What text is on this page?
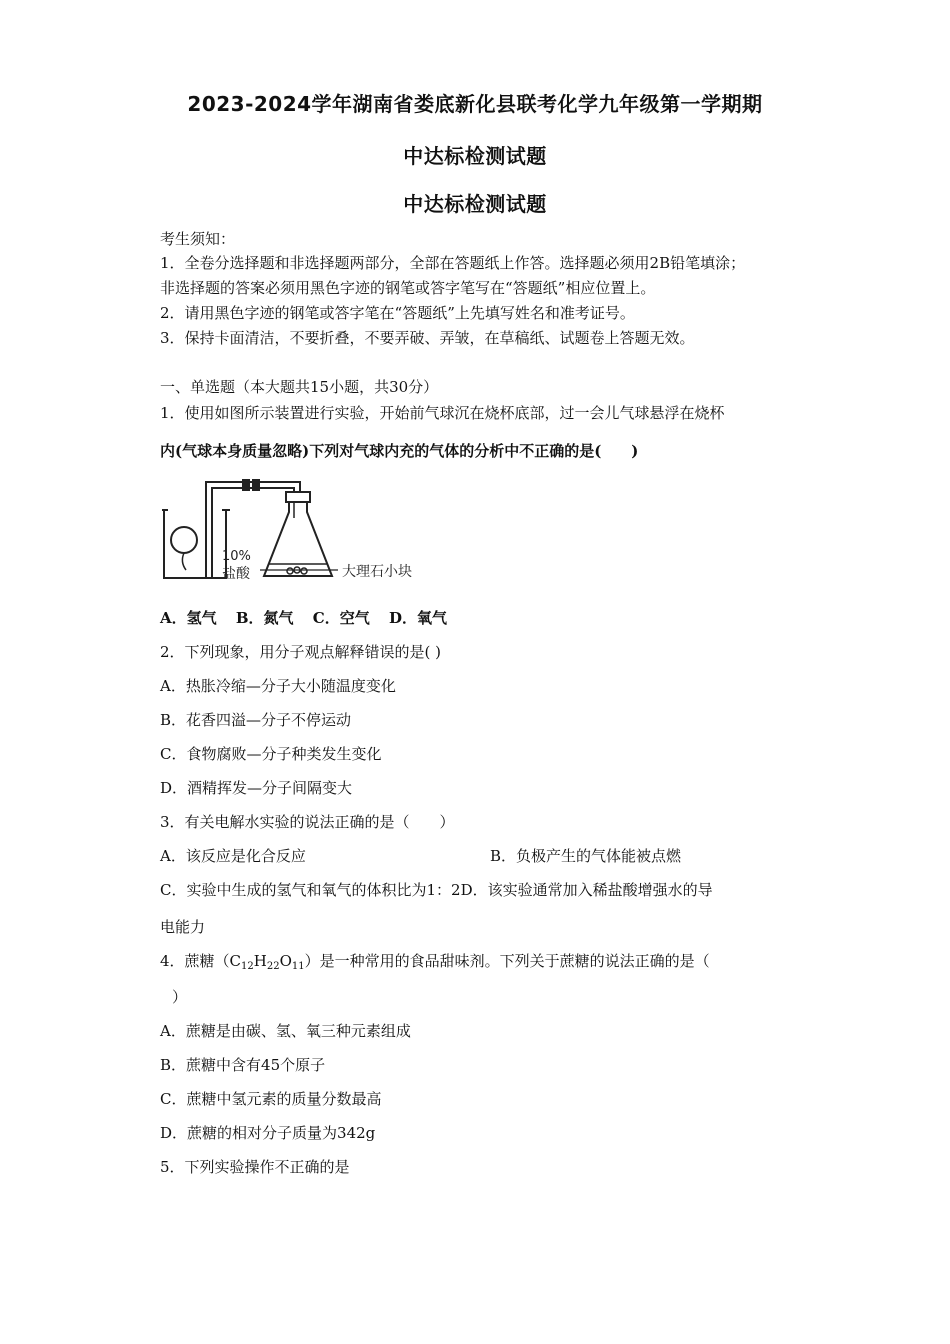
2023-2024学年湖南省娄底新化县联考化学九年级第一学期期
中达标检测试题
中达标检测试题
考生须知：
1．全卷分选择题和非选择题两部分，全部在答题纸上作答。选择题必须用2B铅笔填涂；
非选择题的答案必须用黑色字迹的钢笔或答字笔写在“答题纸”相应位置上。
2．请用黑色字迹的钢笔或答字笔在“答题纸”上先填写姓名和准考证号。
3．保持卡面清洁，不要折叠，不要弄破、弄皱，在草稿纸、试题卷上答题无效。
一、单选题（本大题共15小题，共30分）
1．使用如图所示装置进行实验，开始前气球沉在烧杯底部，过一会儿气球悬浮在烧杯
内(气球本身质量忽略)下列对气球内充的气体的分析中不正确的是(　　)
10%
盐酸	大理石小块
A．氢气 B．氮气 C．空气 D．氧气
2．下列现象，用分子观点解释错误的是( )
A．热胀冷缩—分子大小随温度变化
B．花香四溢—分子不停运动
C．食物腐败—分子种类发生变化
D．酒精挥发—分子间隔变大
3．有关电解水实验的说法正确的是（　　）
A．该反应是化合反应	B．负极产生的气体能被点燃
C．实验中生成的氢气和氧气的体积比为1：2D．该实验通常加入稀盐酸增强水的导
电能力
4．蔗糖$(C_{12}H_{22}O_{11})$是一种常用的食品甜味剂。下列关于蔗糖的说法正确的是（
）
A．蔗糖是由碳、氢、氧三种元素组成
B．蔗糖中含有45个原子
C．蔗糖中氢元素的质量分数最高
D．蔗糖的相对分子质量为342g
5．下列实验操作不正确的是
